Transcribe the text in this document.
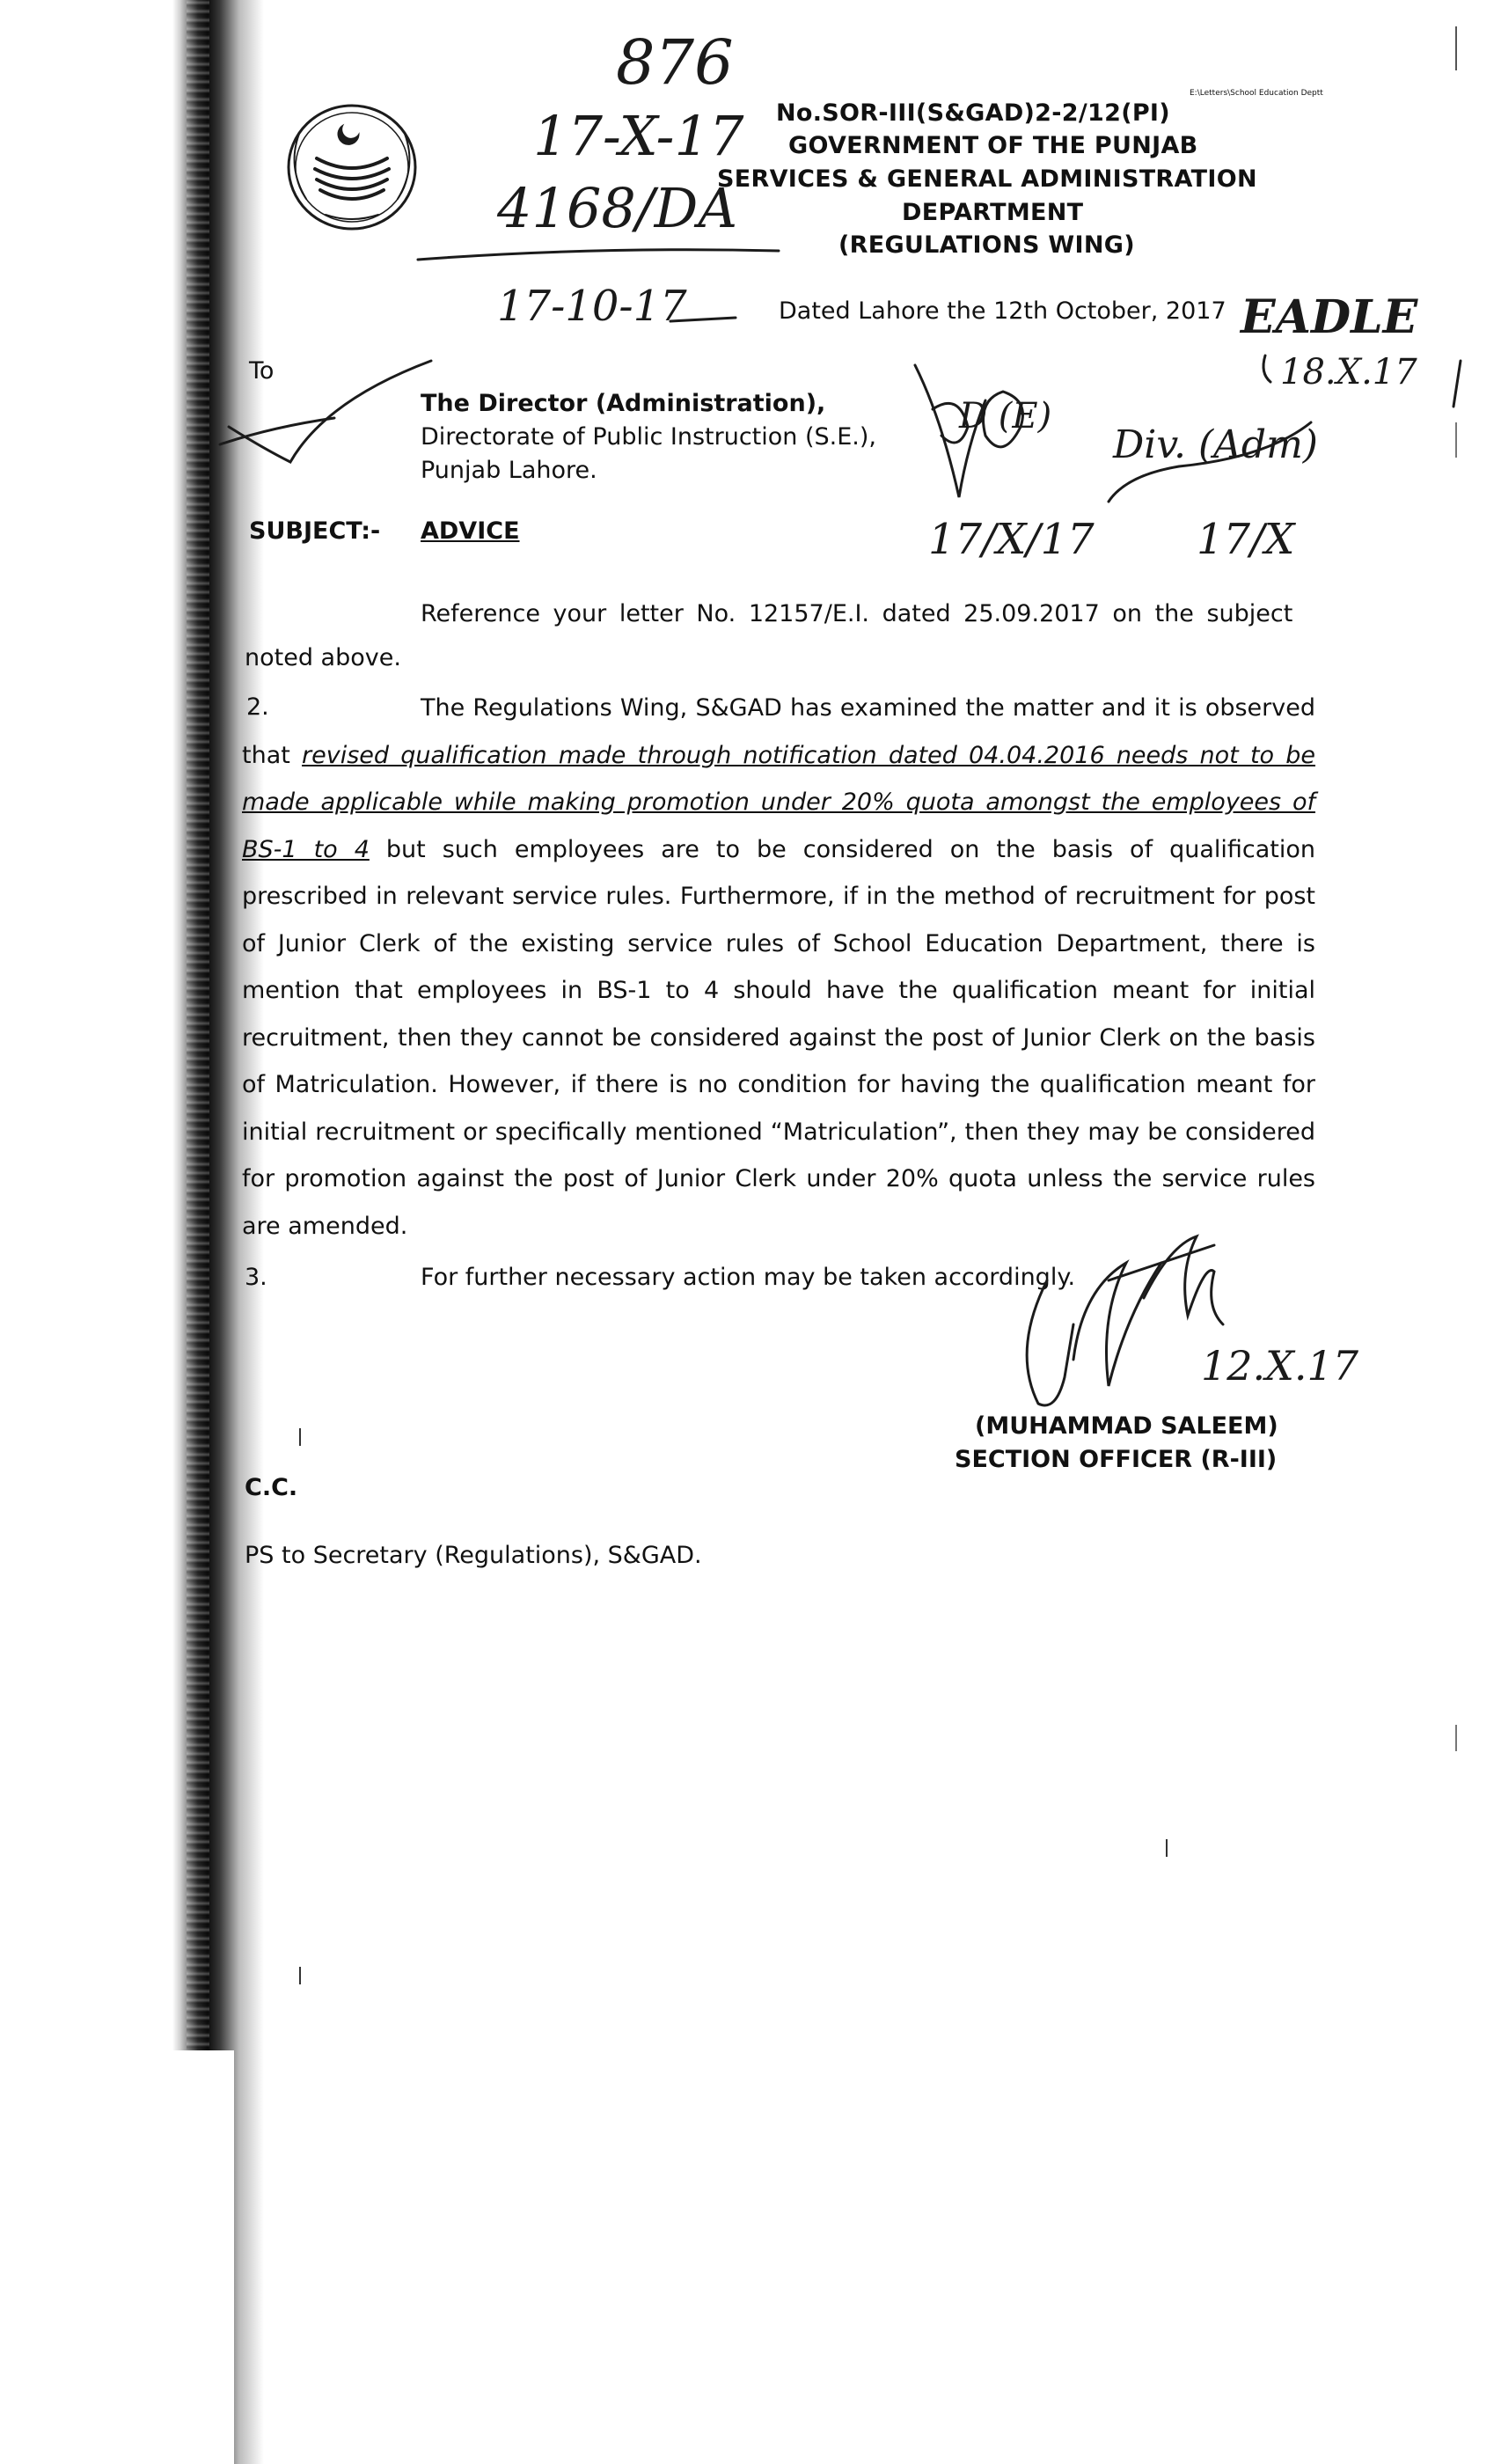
E:\Letters\School Education Deptt
No.SOR-III(S&GAD)2-2/12(PI)
GOVERNMENT OF THE PUNJAB
SERVICES & GENERAL ADMINISTRATION
DEPARTMENT
(REGULATIONS WING)
876
17-X-17
4168/DA
17-10-17	Dated Lahore the 12th October, 2017 EADLE
18.X.17
To
The Director (Administration),
Directorate of Public Instruction (S.E.),
Punjab Lahore.
D (E)
17/X/17
Div. (Adm)
17/X
SUBJECT:- ADVICE
Reference your letter No. 12157/E.I. dated 25.09.2017 on the subject
noted above.
2.	The Regulations Wing, S&GAD has examined the matter and it is observed that revised qualification made through notification dated 04.04.2016 needs not to be made applicable while making promotion under 20% quota amongst the employees of BS-1 to 4 but such employees are to be considered on the basis of qualification prescribed in relevant service rules. Furthermore, if in the method of recruitment for post of Junior Clerk of the existing service rules of School Education Department, there is mention that employees in BS-1 to 4 should have the qualification meant for initial recruitment, then they cannot be considered against the post of Junior Clerk on the basis of Matriculation. However, if there is no condition for having the qualification meant for initial recruitment or specifically mentioned “Matriculation”, then they may be considered for promotion against the post of Junior Clerk under 20% quota unless the service rules are amended.
3.	For further necessary action may be taken accordingly.
12.X.17
(MUHAMMAD SALEEM)
SECTION OFFICER (R-III)
C.C.
PS to Secretary (Regulations), S&GAD.
